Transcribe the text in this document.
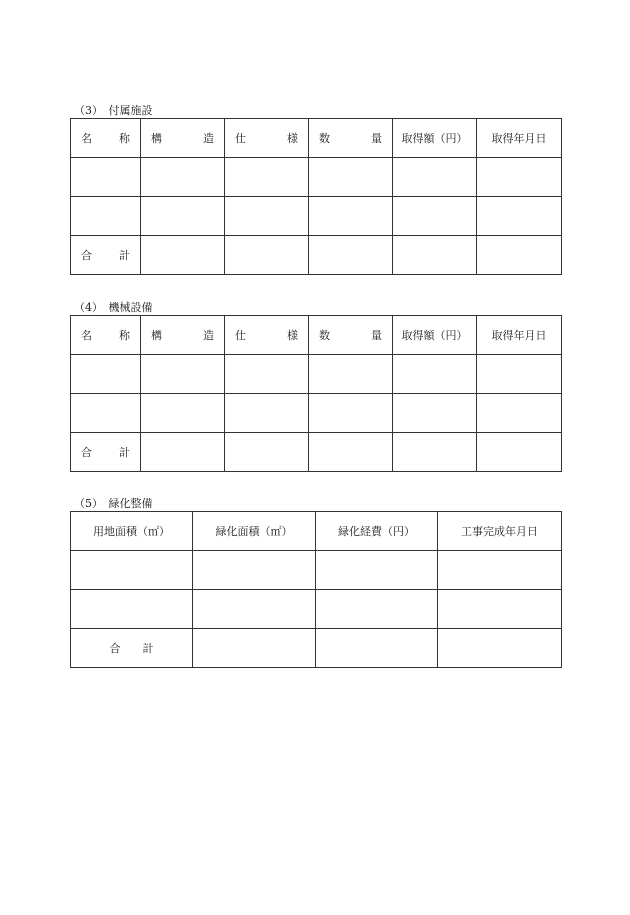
（3）　付属施設
名 称	構 造	仕 様	数 量	取得額（円）	取得年月日

合 計					

（4）　機械設備
名 称	構 造	仕 様	数 量	取得額（円）	取得年月日

合 計					

（5）　緑化整備
用地面積（㎡）	緑化面積（㎡）	緑化経費（円）	工事完成年月日

合 計			
